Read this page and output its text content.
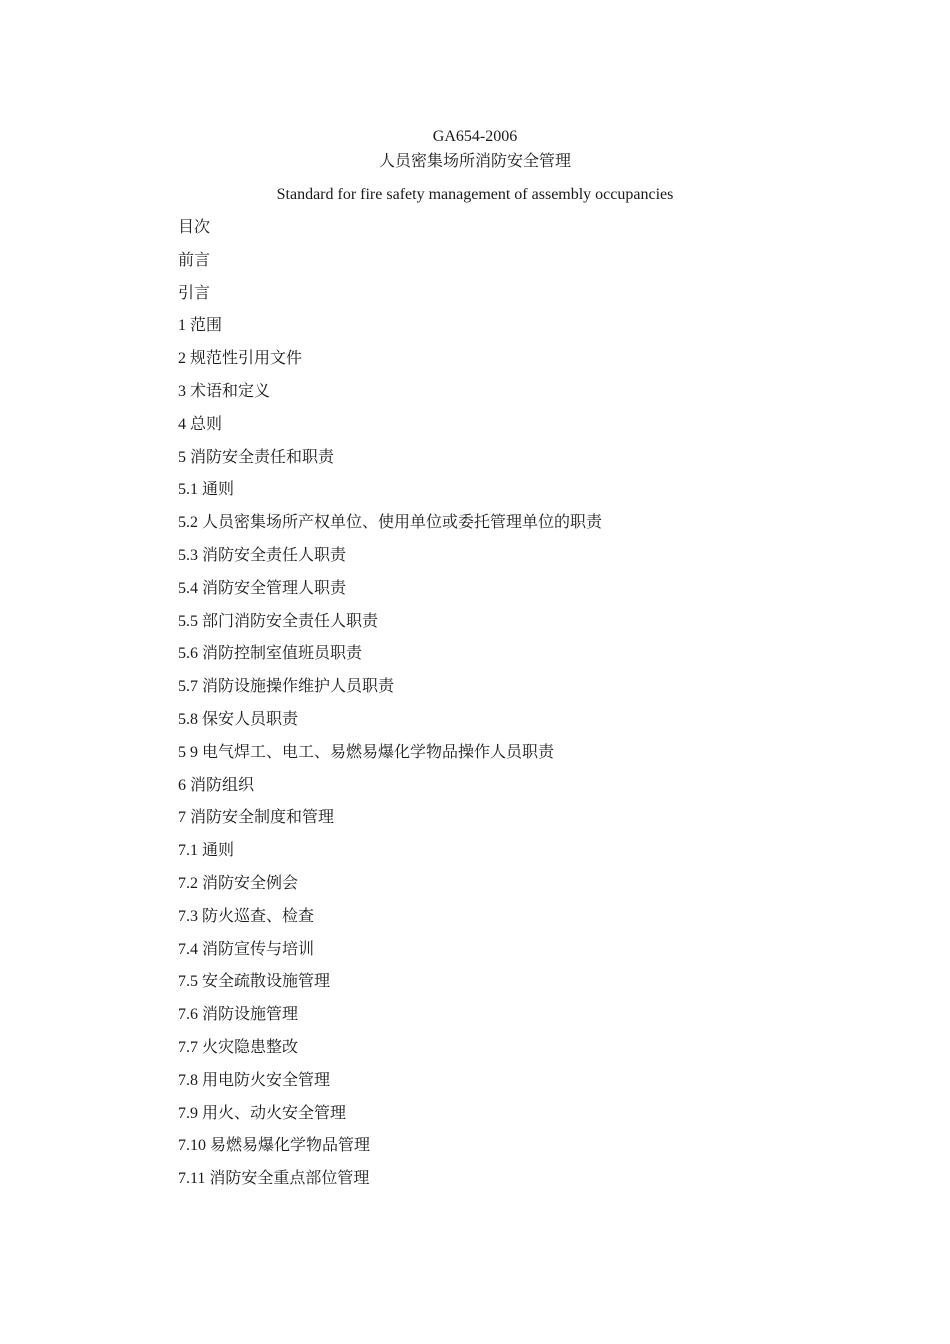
GA654-2006
人员密集场所消防安全管理
Standard for fire safety management of assembly occupancies
目次
前言
引言
1 范围
2 规范性引用文件
3 术语和定义
4 总则
5 消防安全责任和职责
5.1 通则
5.2 人员密集场所产权单位、使用单位或委托管理单位的职责
5.3 消防安全责任人职责
5.4 消防安全管理人职责
5.5 部门消防安全责任人职责
5.6 消防控制室值班员职责
5.7 消防设施操作维护人员职责
5.8 保安人员职责
5 9 电气焊工、电工、易燃易爆化学物品操作人员职责
6 消防组织
7 消防安全制度和管理
7.1 通则
7.2 消防安全例会
7.3 防火巡查、检查
7.4 消防宣传与培训
7.5 安全疏散设施管理
7.6 消防设施管理
7.7 火灾隐患整改
7.8 用电防火安全管理
7.9 用火、动火安全管理
7.10 易燃易爆化学物品管理
7.11 消防安全重点部位管理
